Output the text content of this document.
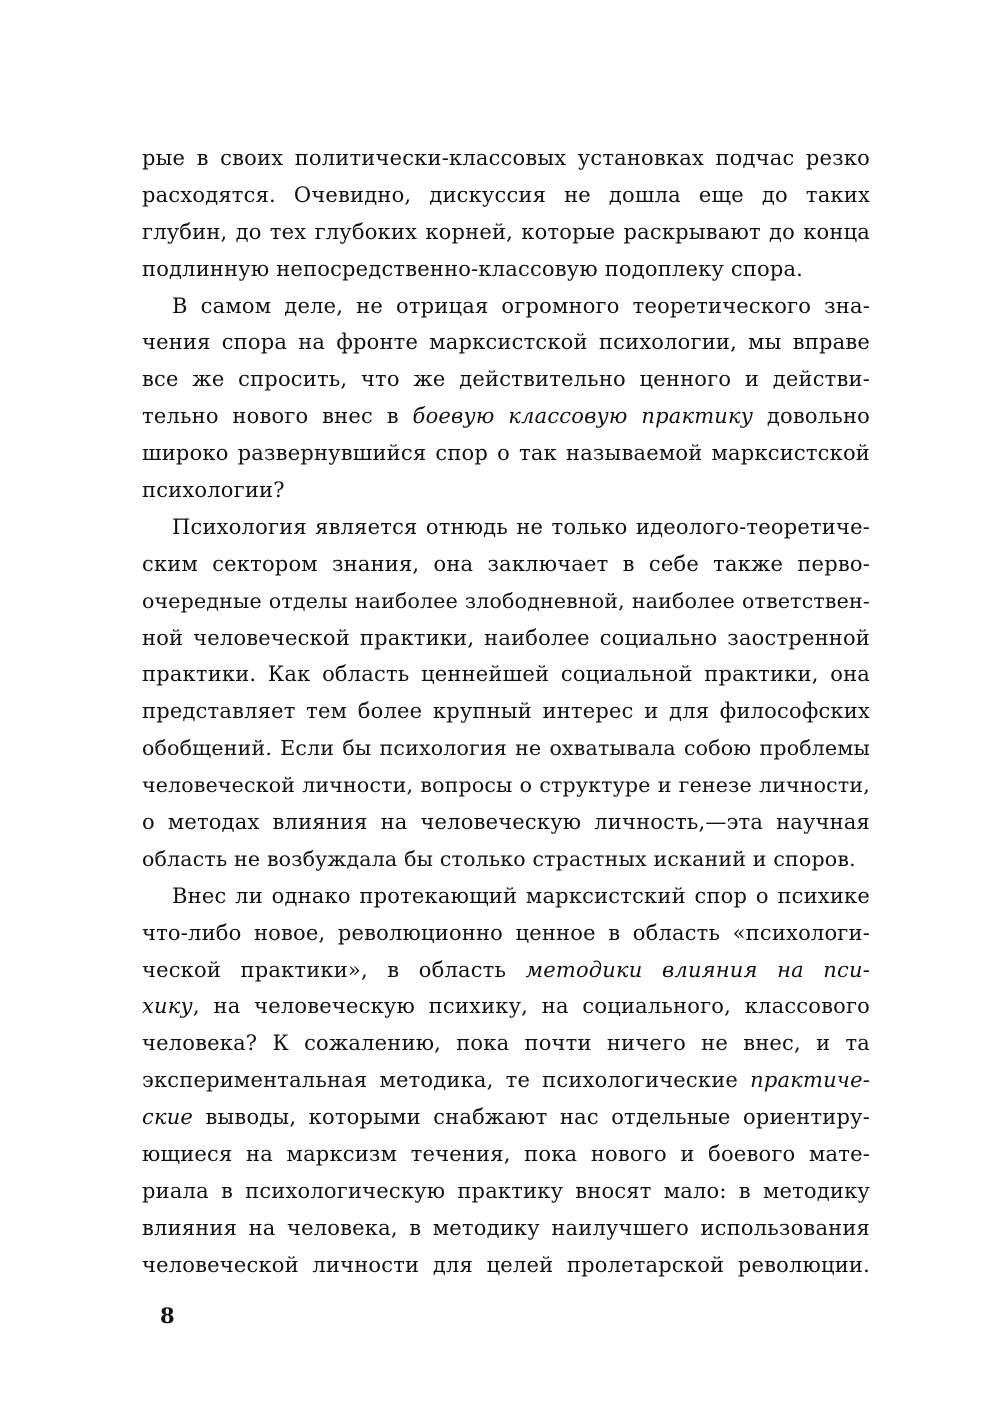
рые в своих политически-классовых установках подчас резко
расходятся. Очевидно, дискуссия не дошла еще до таких
глубин, до тех глубоких корней, которые раскрывают до конца
подлинную непосредственно-классовую подоплеку спора.
В самом деле, не отрицая огромного теоретического зна-
чения спора на фронте марксистской психологии, мы вправе
все же спросить, что же действительно ценного и действи-
тельно нового внес в боевую классовую практику довольно
широко развернувшийся спор о так называемой марксистской
психологии?
Психология является отнюдь не только идеолого-теоретиче-
ским сектором знания, она заключает в себе также перво-
очередные отделы наиболее злободневной, наиболее ответствен-
ной человеческой практики, наиболее социально заостренной
практики. Как область ценнейшей социальной практики, она
представляет тем более крупный интерес и для философских
обобщений. Если бы психология не охватывала собою проблемы
человеческой личности, вопросы о структуре и генезе личности,
о методах влияния на человеческую личность,—эта научная
область не возбуждала бы столько страстных исканий и споров.
Внес ли однако протекающий марксистский спор о психике
что-либо новое, революционно ценное в область «психологи-
ческой практики», в область методики влияния на пси-
хику, на человеческую психику, на социального, классового
человека? К сожалению, пока почти ничего не внес, и та
экспериментальная методика, те психологические практиче-
ские выводы, которыми снабжают нас отдельные ориентиру-
ющиеся на марксизм течения, пока нового и боевого мате-
риала в психологическую практику вносят мало: в методику
влияния на человека, в методику наилучшего использования
человеческой личности для целей пролетарской революции.
8
